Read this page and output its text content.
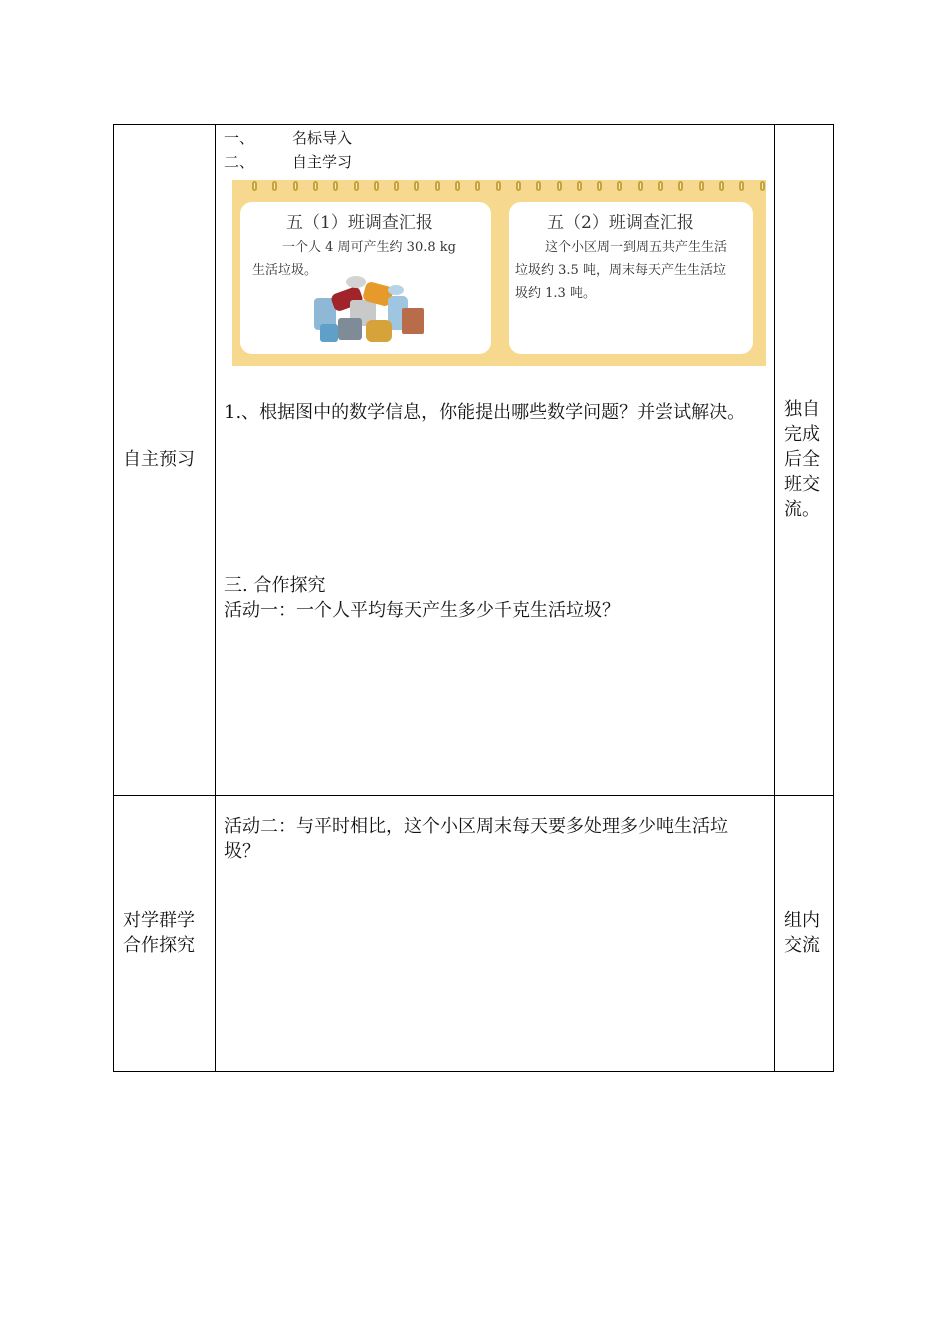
自主预习
独自完成后全班交流。
对学群学
合作探究
组内交流
一、	名标导入
二、	自主学习
五（1）班调查汇报
一个人 4 周可产生约 30.8 kg
生活垃圾。
五（2）班调查汇报
这个小区周一到周五共产生生活
垃圾约 3.5 吨，周末每天产生生活垃
圾约 1.3 吨。
1.、根据图中的数学信息，你能提出哪些数学问题？并尝试解决。
三. 合作探究
活动一：一个人平均每天产生多少千克生活垃圾？
活动二：与平时相比，这个小区周末每天要多处理多少吨生活垃
圾？
